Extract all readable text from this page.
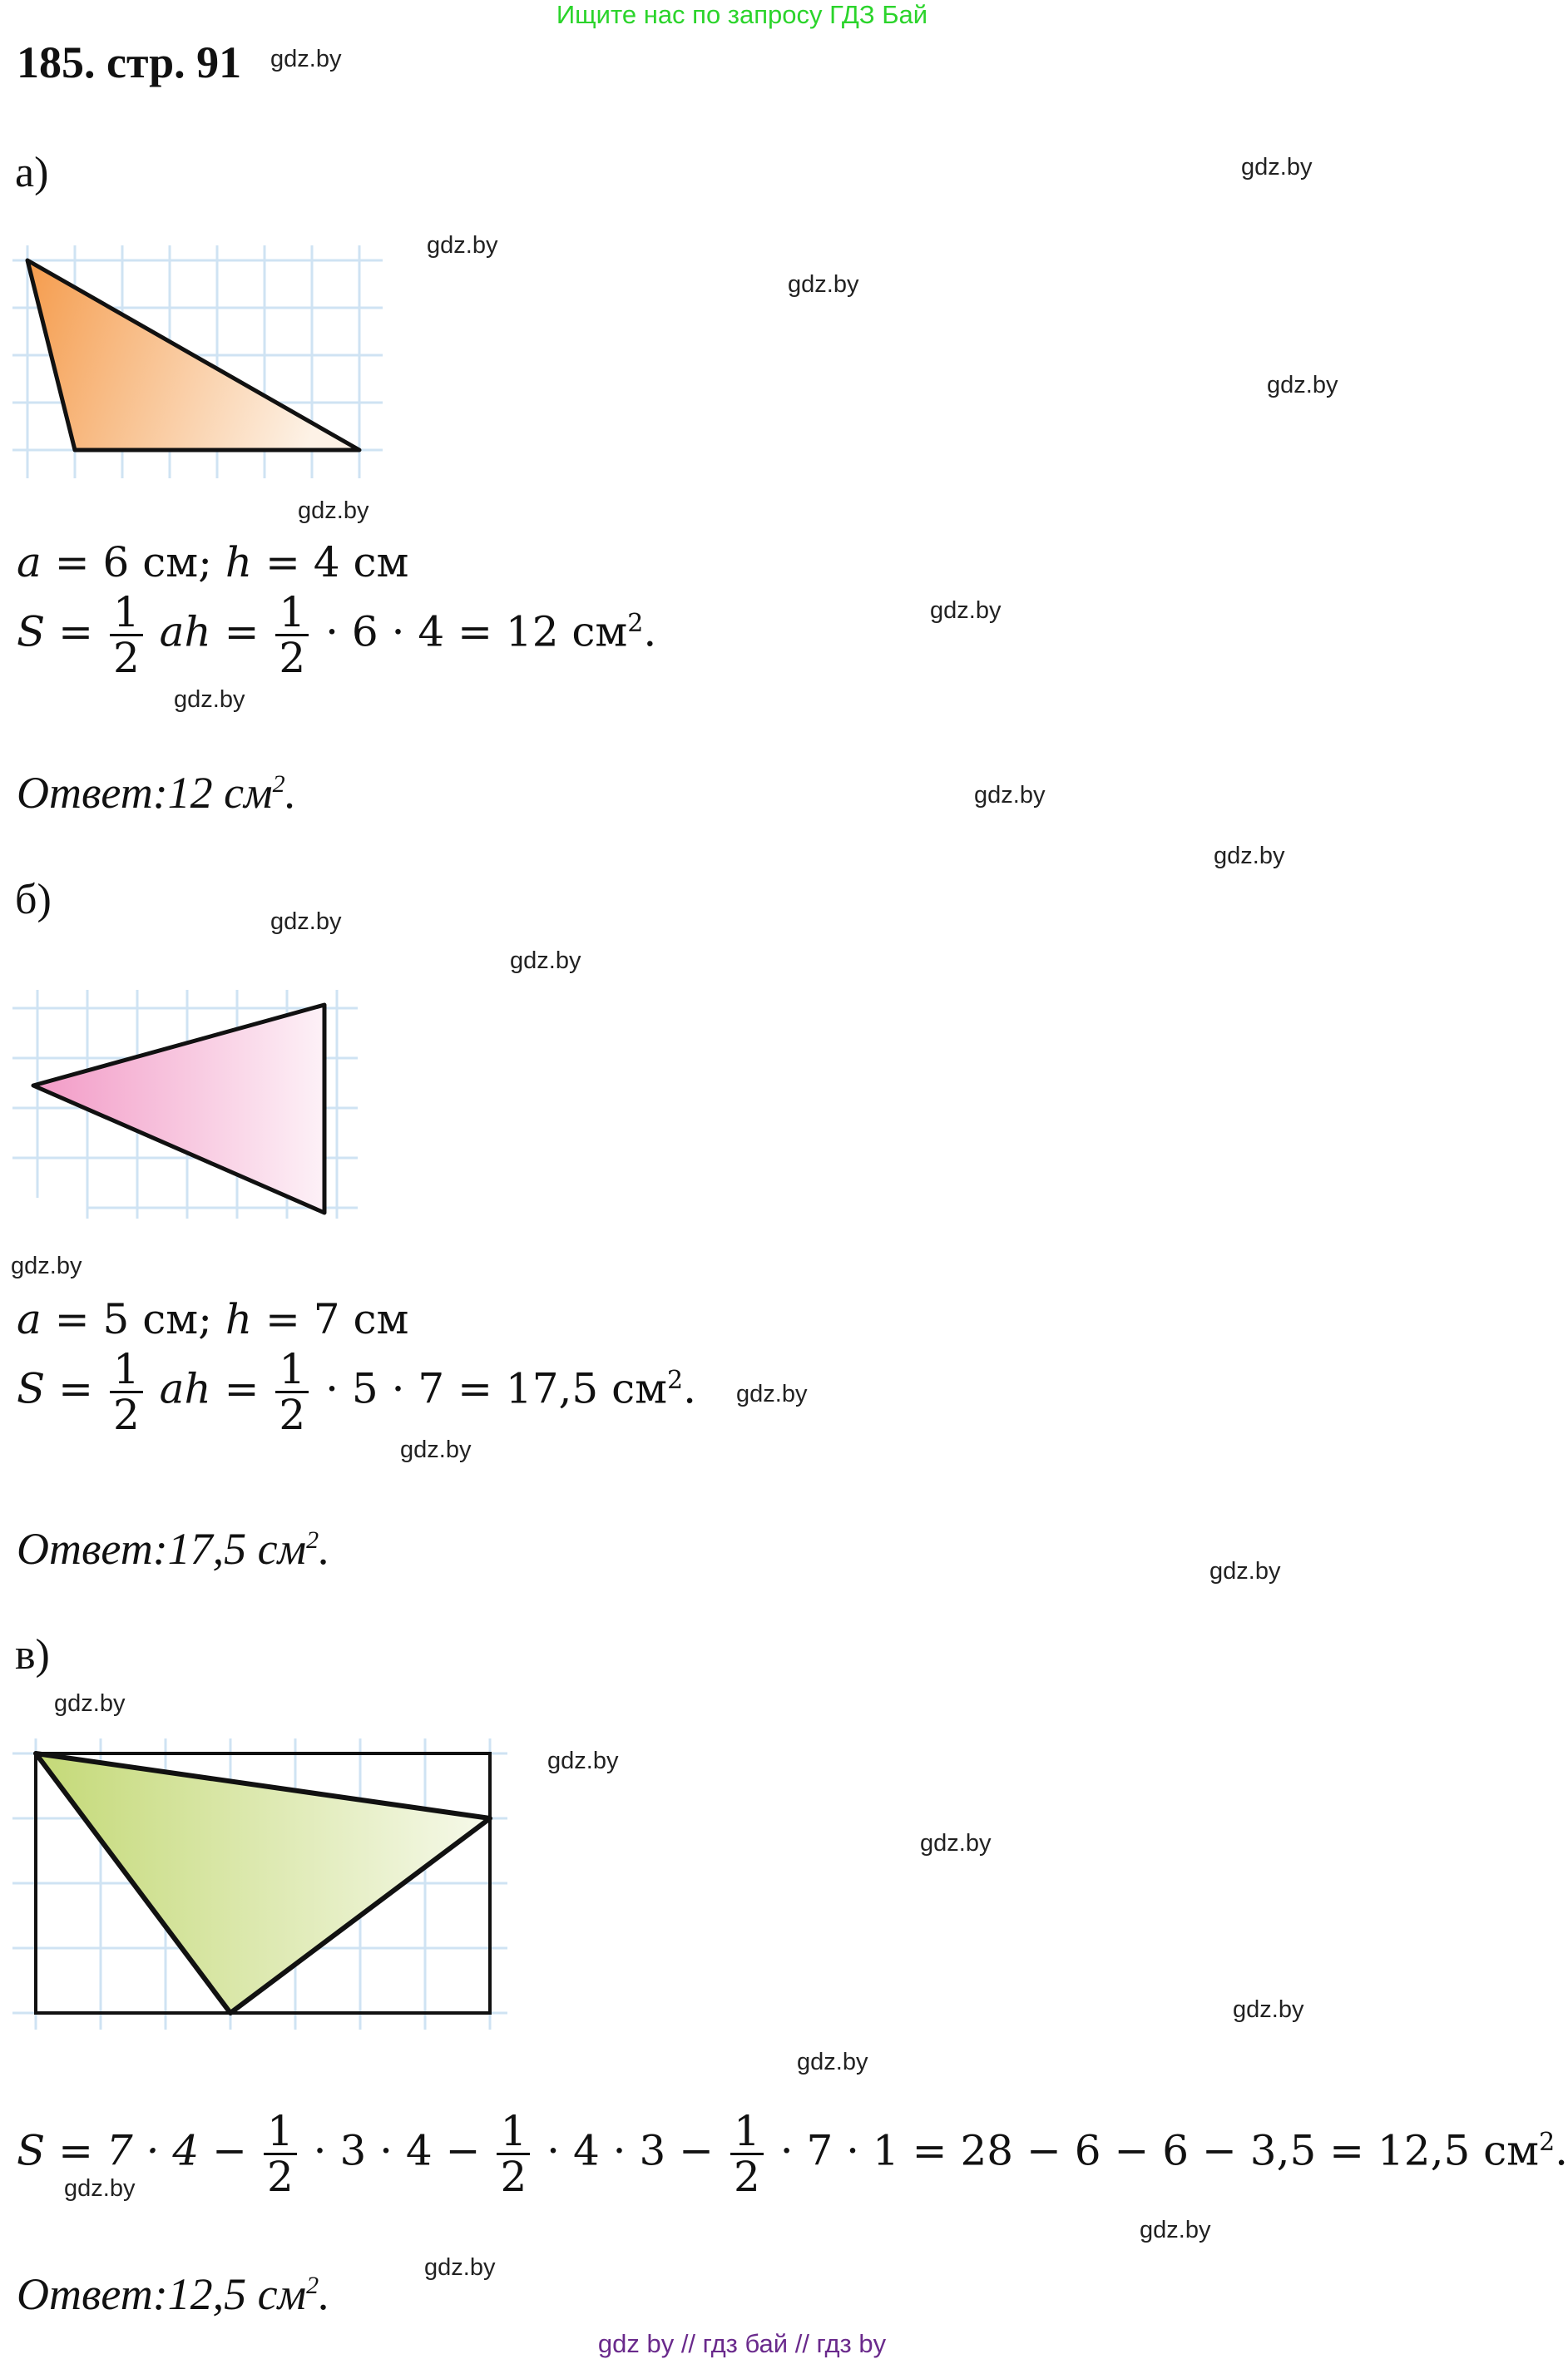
Ищите нас по запросу ГДЗ Бай
185. стр. 91 gdz.by
gdz.by
gdz.by
gdz.by
gdz.by
gdz.by
gdz.by
gdz.by
gdz.by
gdz.by
gdz.by
gdz.by
gdz.by
gdz.by
gdz.by
gdz.by
gdz.by
gdz.by
gdz.by
gdz.by
gdz.by
gdz.by
gdz.by
gdz.by
а)
a = 6 см; h = 4 см
$S = \frac{1}{2}$ ah = $\frac{1}{2} \cdot 6 \cdot 4 = 12$ $см^2$.
Ответ:12 $см^2$.
б)
a = 5 см; h = 7 см
$S = \frac{1}{2}$ ah = $\frac{1}{2} \cdot 5 \cdot 7 = 17,5$ $см^2$.
Ответ:17,5 $см^2$.
в)
$S = 7 \cdot 4 - \frac{1}{2} \cdot 3 \cdot 4 - \frac{1}{2} \cdot 4 \cdot 3 - \frac{1}{2} \cdot 7 \cdot 1 = 28 - 6 - 6 - 3,5 = 12,5$ $см^2$.
Ответ:12,5 $см^2$.
gdz by // гдз бай // гдз by
